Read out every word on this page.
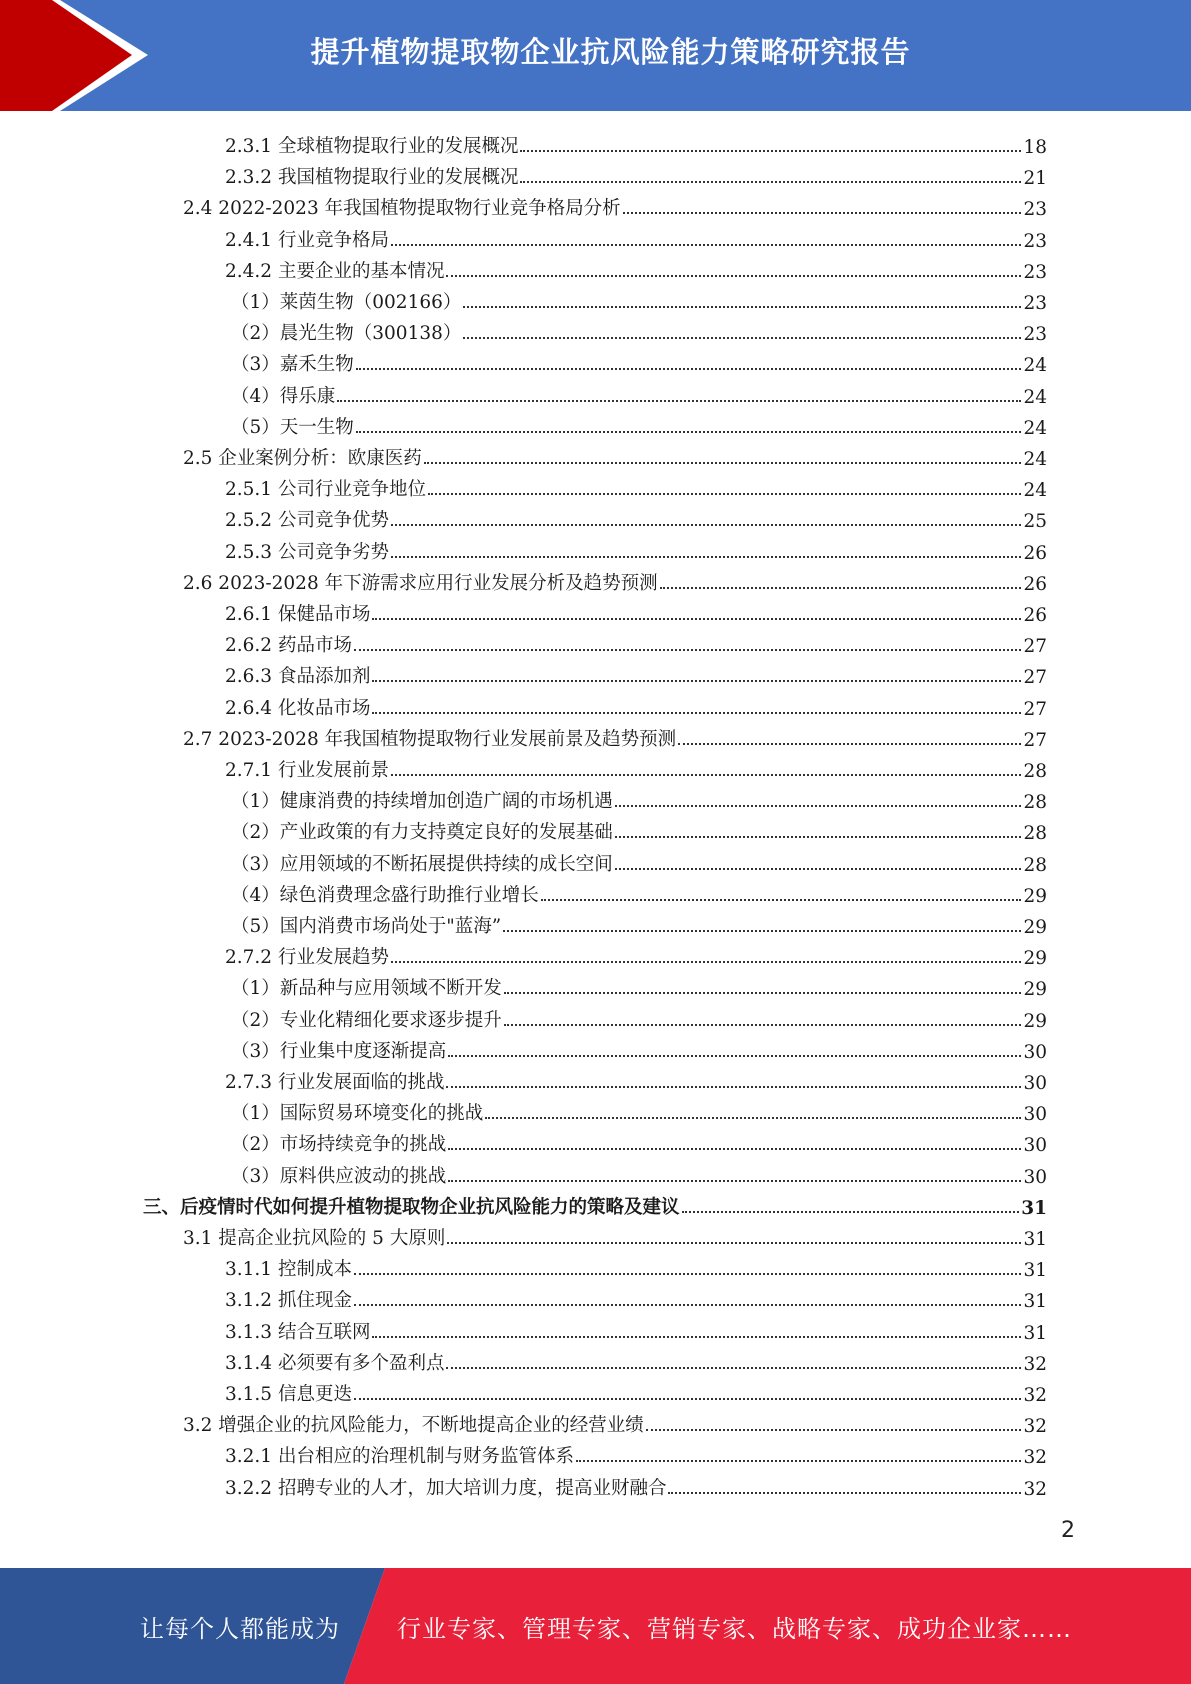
提升植物提取物企业抗风险能力策略研究报告
2.3.1 全球植物提取行业的发展概况	18
2.3.2 我国植物提取行业的发展概况	21
2.4 2022-2023 年我国植物提取物行业竞争格局分析	23
2.4.1 行业竞争格局	23
2.4.2 主要企业的基本情况	23
（1）莱茵生物（002166）	23
（2）晨光生物（300138）	23
（3）嘉禾生物	24
（4）得乐康	24
（5）天一生物	24
2.5 企业案例分析：欧康医药	24
2.5.1 公司行业竞争地位	24
2.5.2 公司竞争优势	25
2.5.3 公司竞争劣势	26
2.6 2023-2028 年下游需求应用行业发展分析及趋势预测	26
2.6.1 保健品市场	26
2.6.2 药品市场	27
2.6.3 食品添加剂	27
2.6.4 化妆品市场	27
2.7 2023-2028 年我国植物提取物行业发展前景及趋势预测	27
2.7.1 行业发展前景	28
（1）健康消费的持续增加创造广阔的市场机遇	28
（2）产业政策的有力支持奠定良好的发展基础	28
（3）应用领域的不断拓展提供持续的成长空间	28
（4）绿色消费理念盛行助推行业增长	29
（5）国内消费市场尚处于"蓝海”	29
2.7.2 行业发展趋势	29
（1）新品种与应用领域不断开发	29
（2）专业化精细化要求逐步提升	29
（3）行业集中度逐渐提高	30
2.7.3 行业发展面临的挑战	30
（1）国际贸易环境变化的挑战	30
（2）市场持续竞争的挑战	30
（3）原料供应波动的挑战	30
三、后疫情时代如何提升植物提取物企业抗风险能力的策略及建议	31
3.1 提高企业抗风险的 5 大原则	31
3.1.1 控制成本	31
3.1.2 抓住现金	31
3.1.3 结合互联网	31
3.1.4 必须要有多个盈利点	32
3.1.5 信息更迭	32
3.2 增强企业的抗风险能力，不断地提高企业的经营业绩	32
3.2.1 出台相应的治理机制与财务监管体系	32
3.2.2 招聘专业的人才，加大培训力度，提高业财融合	32
2
让每个人都能成为 行业专家、管理专家、营销专家、战略专家、成功企业家……
